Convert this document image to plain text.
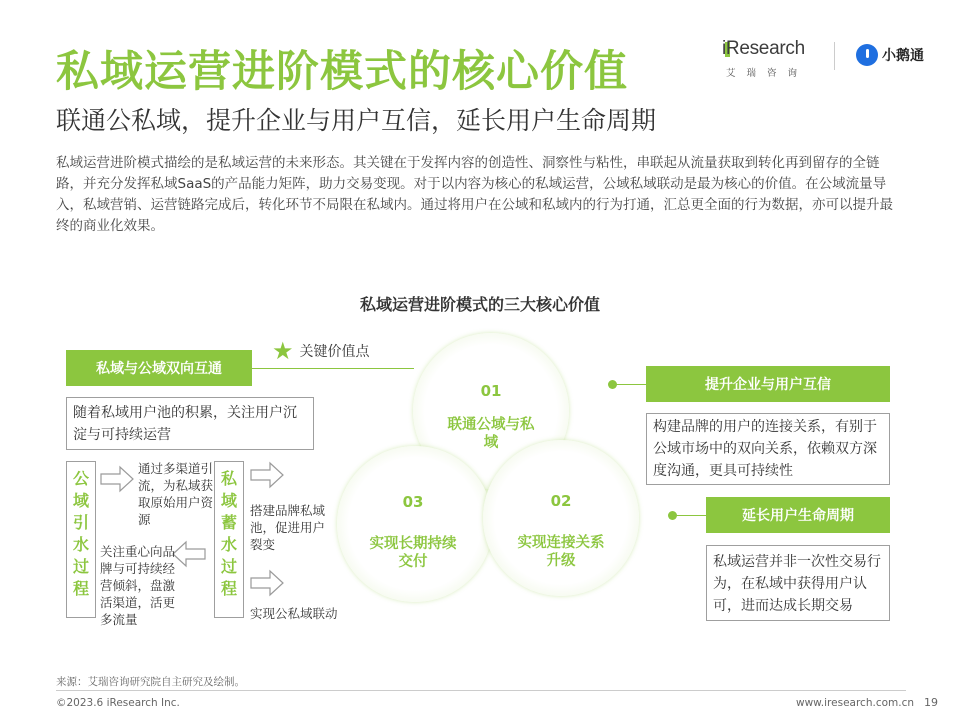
私域运营进阶模式的核心价值
联通公私域，提升企业与用户互信，延长用户生命周期
iResearch
艾瑞咨询
小鹅通
私域运营进阶模式描绘的是私域运营的未来形态。其关键在于发挥内容的创造性、洞察性与粘性，串联起从流量获取到转化再到留存的全链路，并充分发挥私域SaaS的产品能力矩阵，助力交易变现。对于以内容为核心的私域运营，公域私域联动是最为核心的价值。在公域流量导入，私域营销、运营链路完成后，转化环节不局限在私域内。通过将用户在公域和私域内的行为打通，汇总更全面的行为数据，亦可以提升最终的商业化效果。
私域运营进阶模式的三大核心价值
私域与公域双向互通
★ 关键价值点
随着私域用户池的积累，关注用户沉淀与可持续运营
公
域
引
水
过
程
私
域
蓄
水
过
程
通过多渠道引流，为私域获取原始用户资源
关注重心向品牌与可持续经营倾斜，盘激活渠道，活更多流量
搭建品牌私域池，促进用户裂变
实现公私域联动
01
联通公域与私域
02
实现连接关系升级
03
实现长期持续交付
提升企业与用户互信
构建品牌的用户的连接关系，有别于公域市场中的双向关系，依赖双方深度沟通，更具可持续性
延长用户生命周期
私域运营并非一次性交易行为，在私域中获得用户认可，进而达成长期交易
来源：艾瑞咨询研究院自主研究及绘制。
©2023.6 iResearch Inc.	www.iresearch.com.cn 19
